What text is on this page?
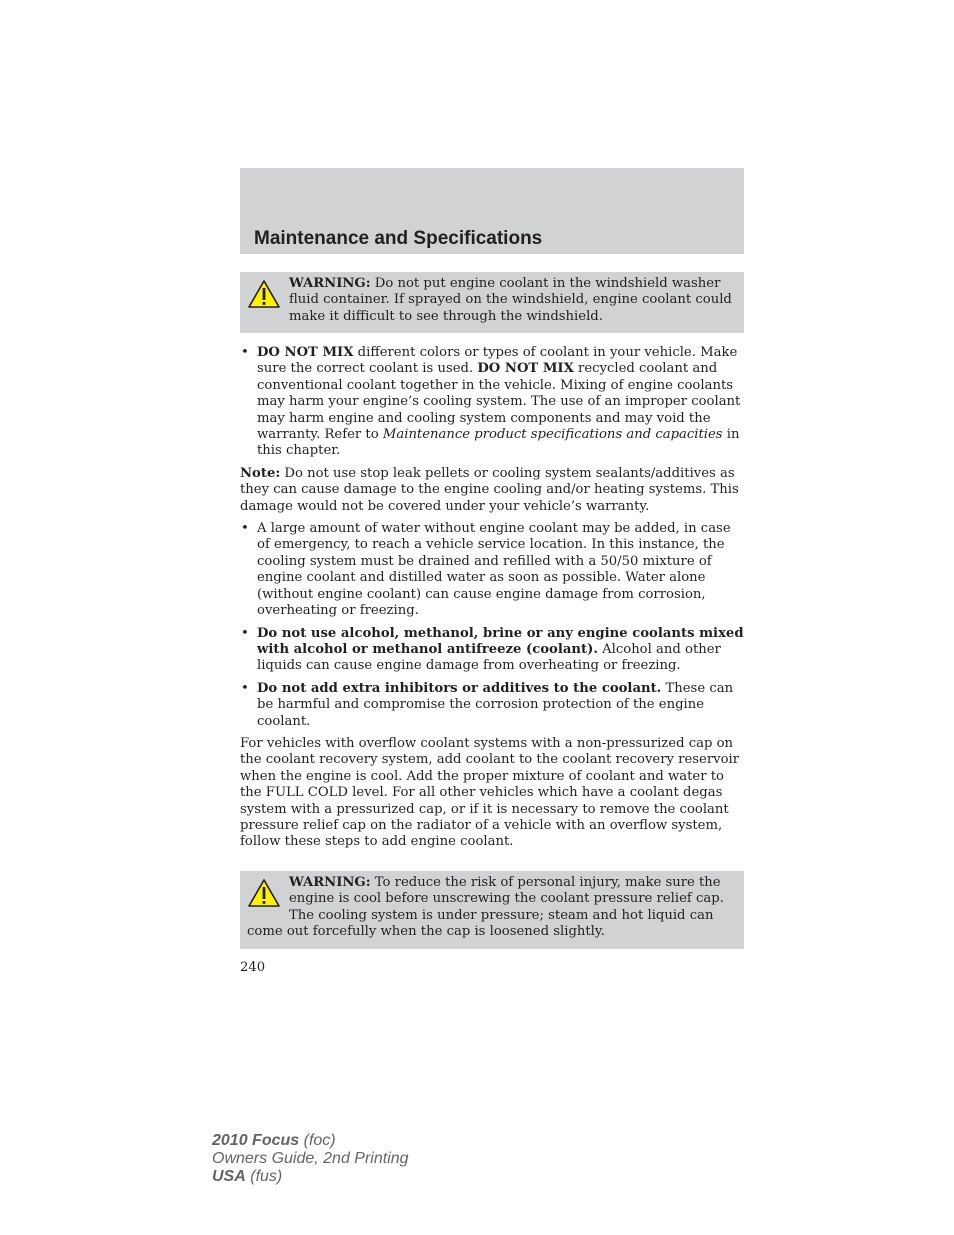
Maintenance and Specifications
WARNING: Do not put engine coolant in the windshield washer fluid container. If sprayed on the windshield, engine coolant could make it difficult to see through the windshield.
• DO NOT MIX different colors or types of coolant in your vehicle. Make sure the correct coolant is used. DO NOT MIX recycled coolant and conventional coolant together in the vehicle. Mixing of engine coolants may harm your engine’s cooling system. The use of an improper coolant may harm engine and cooling system components and may void the warranty. Refer to Maintenance product specifications and capacities in this chapter.

Note: Do not use stop leak pellets or cooling system sealants/additives as they can cause damage to the engine cooling and/or heating systems. This damage would not be covered under your vehicle’s warranty.

• A large amount of water without engine coolant may be added, in case of emergency, to reach a vehicle service location. In this instance, the cooling system must be drained and refilled with a 50/50 mixture of engine coolant and distilled water as soon as possible. Water alone (without engine coolant) can cause engine damage from corrosion, overheating or freezing.
• Do not use alcohol, methanol, brine or any engine coolants mixed with alcohol or methanol antifreeze (coolant). Alcohol and other liquids can cause engine damage from overheating or freezing.
• Do not add extra inhibitors or additives to the coolant. These can be harmful and compromise the corrosion protection of the engine coolant.

For vehicles with overflow coolant systems with a non-pressurized cap on the coolant recovery system, add coolant to the coolant recovery reservoir when the engine is cool. Add the proper mixture of coolant and water to the FULL COLD level. For all other vehicles which have a coolant degas system with a pressurized cap, or if it is necessary to remove the coolant pressure relief cap on the radiator of a vehicle with an overflow system, follow these steps to add engine coolant.

WARNING: To reduce the risk of personal injury, make sure the engine is cool before unscrewing the coolant pressure relief cap. The cooling system is under pressure; steam and hot liquid can come out forcefully when the cap is loosened slightly.
240
2010 Focus (foc)
Owners Guide, 2nd Printing
USA (fus)
